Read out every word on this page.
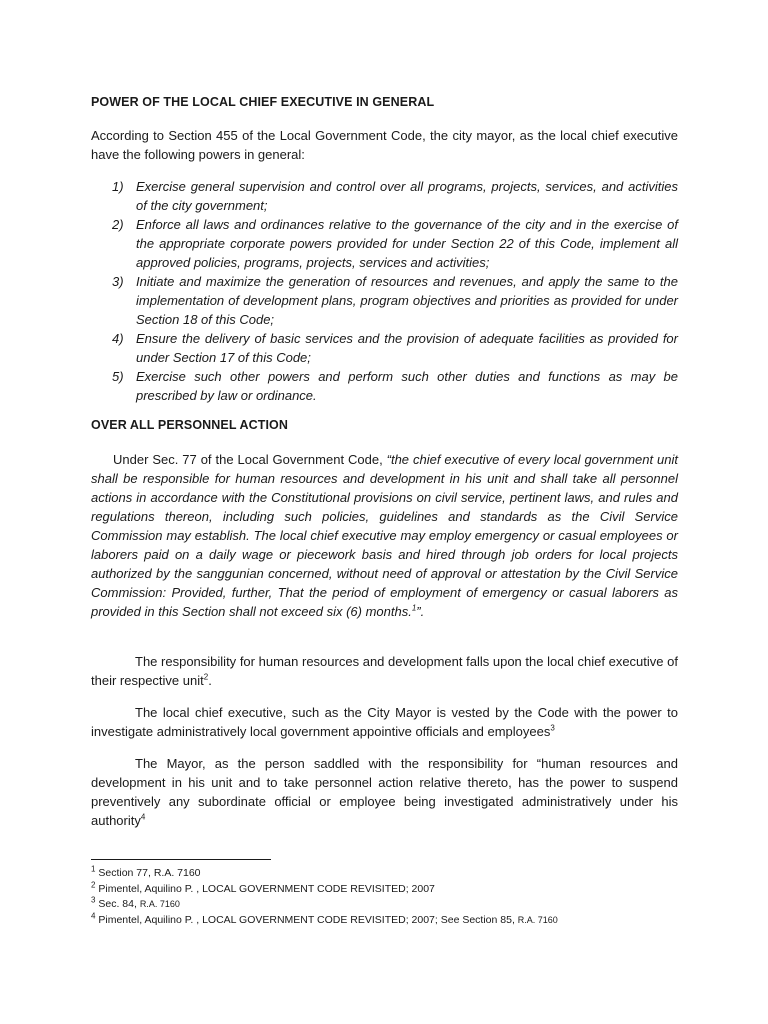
POWER OF THE LOCAL CHIEF EXECUTIVE IN GENERAL

According to Section 455 of the Local Government Code, the city mayor, as the local chief executive have the following powers in general:

1) Exercise general supervision and control over all programs, projects, services, and activities of the city government;
2) Enforce all laws and ordinances relative to the governance of the city and in the exercise of the appropriate corporate powers provided for under Section 22 of this Code, implement all approved policies, programs, projects, services and activities;
3) Initiate and maximize the generation of resources and revenues, and apply the same to the implementation of development plans, program objectives and priorities as provided for under Section 18 of this Code;
4) Ensure the delivery of basic services and the provision of adequate facilities as provided for under Section 17 of this Code;
5) Exercise such other powers and perform such other duties and functions as may be prescribed by law or ordinance.
OVER ALL PERSONNEL ACTION

Under Sec. 77 of the Local Government Code, “the chief executive of every local government unit shall be responsible for human resources and development in his unit and shall take all personnel actions in accordance with the Constitutional provisions on civil service, pertinent laws, and rules and regulations thereon, including such policies, guidelines and standards as the Civil Service Commission may establish. The local chief executive may employ emergency or casual employees or laborers paid on a daily wage or piecework basis and hired through job orders for local projects authorized by the sanggunian concerned, without need of approval or attestation by the Civil Service Commission: Provided, further, That the period of employment of emergency or casual laborers as provided in this Section shall not exceed six (6) months.$^1$”.

The responsibility for human resources and development falls upon the local chief executive of their respective unit$^2$.

The local chief executive, such as the City Mayor is vested by the Code with the power to investigate administratively local government appointive officials and employees$^3$

The Mayor, as the person saddled with the responsibility for “human resources and development in his unit and to take personnel action relative thereto, has the power to suspend preventively any subordinate official or employee being investigated administratively under his authority$^4$

$^1$ Section 77, R.A. 7160
$^2$ Pimentel, Aquilino P. , LOCAL GOVERNMENT CODE REVISITED; 2007
$^3$ Sec. 84, R.A. 7160
$^4$ Pimentel, Aquilino P. , LOCAL GOVERNMENT CODE REVISITED; 2007; See Section 85, R.A. 7160
